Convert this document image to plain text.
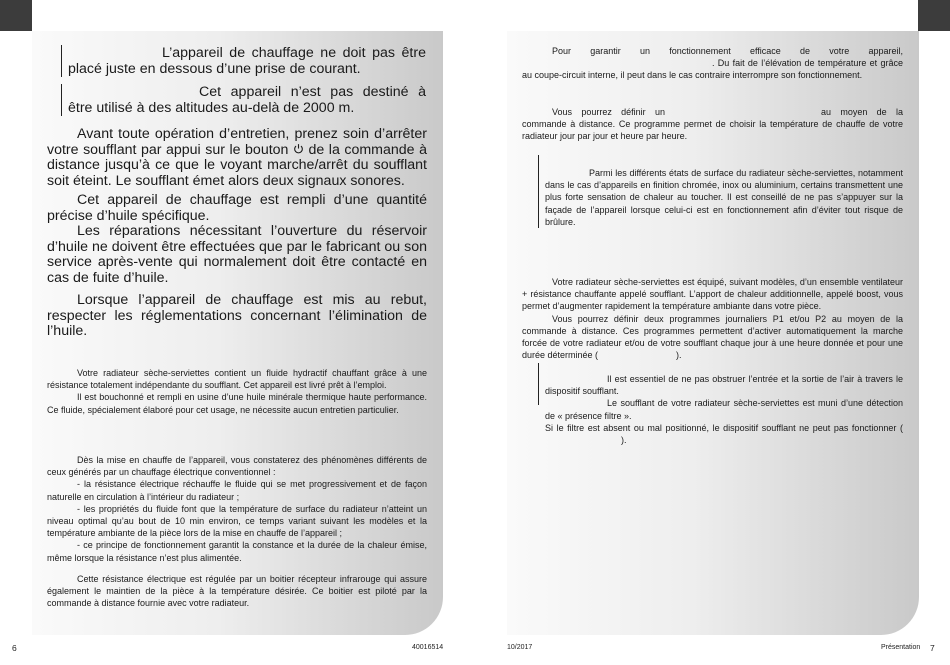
L’appareil de chauffage ne doit pas être placé juste en dessous d’une prise de courant.

Cet appareil n’est pas destiné à être utilisé à des altitudes au-delà de 2000 m.

Avant toute opération d’entretien, prenez soin d’arrêter votre soufflant par appui sur le bouton de la commande à distance jusqu’à ce que le voyant marche/arrêt du soufflant soit éteint. Le soufflant émet alors deux signaux sonores.

Cet appareil de chauffage est rempli d’une quantité précise d’huile spécifique.

Les réparations nécessitant l’ouverture du réservoir d’huile ne doivent être effectuées que par le fabricant ou son service après-vente qui normalement doit être contacté en cas de fuite d’huile.

Lorsque l’appareil de chauffage est mis au rebut, respecter les réglementations concernant l’élimination de l’huile.

Votre radiateur sèche-serviettes contient un fluide hydractif chauffant grâce à une résistance totalement indépendante du soufflant. Cet appareil est livré prêt à l’emploi.

Il est bouchonné et rempli en usine d’une huile minérale thermique haute performance. Ce fluide, spécialement élaboré pour cet usage, ne nécessite aucun entretien particulier.

Dès la mise en chauffe de l’appareil, vous constaterez des phénomènes différents de ceux générés par un chauffage électrique conventionnel :

- la résistance électrique réchauffe le fluide qui se met progressivement et de façon naturelle en circulation à l’intérieur du radiateur ;

- les propriétés du fluide font que la température de surface du radiateur n’atteint un niveau optimal qu’au bout de 10 min environ, ce temps variant suivant les modèles et la température ambiante de la pièce lors de la mise en chauffe de l’appareil ;

- ce principe de fonctionnement garantit la constance et la durée de la chaleur émise, même lorsque la résistance n’est plus alimentée.

Cette résistance électrique est régulée par un boitier récepteur infrarouge qui assure également le maintien de la pièce à la température désirée. Ce boitier est piloté par la commande à distance fournie avec votre radiateur.

6	40016514

Pour garantir un fonctionnement efficace de votre appareil,. Du fait de l’élévation de température et grâce au coupe-circuit interne, il peut dans le cas contraire interrompre son fonctionnement.

Vous pourrez définir un	au moyen de la commande à distance. Ce programme permet de choisir la température de chauffe de votre radiateur jour par jour et heure par heure.

Parmi les différents états de surface du radiateur sèche-serviettes, notamment dans le cas d’appareils en finition chromée, inox ou aluminium, certains transmettent une plus forte sensation de chaleur au toucher. Il est conseillé de ne pas s’appuyer sur la façade de l’appareil lorsque celui-ci est en fonctionnement afin d’éviter tout risque de brûlure.

Votre radiateur sèche-serviettes est équipé, suivant modèles, d’un ensemble ventilateur + résistance chauffante appelé soufflant. L’apport de chaleur additionnelle, appelé boost, vous permet d’augmenter rapidement la température ambiante dans votre pièce.

Vous pourrez définir deux programmes journaliers P1 et/ou P2 au moyen de la commande à distance. Ces programmes permettent d’activer automatiquement la marche forcée de votre radiateur et/ou de votre soufflant chaque jour à une heure donnée et pour une durée déterminée (	).

Il est essentiel de ne pas obstruer l’entrée et la sortie de l’air à travers le dispositif soufflant.

Le soufflant de votre radiateur sèche-serviettes est muni d’une détection de « présence filtre ».

Si le filtre est absent ou mal positionné, le dispositif soufflant ne peut pas fonctionner ().

10/2017	Présentation 7
